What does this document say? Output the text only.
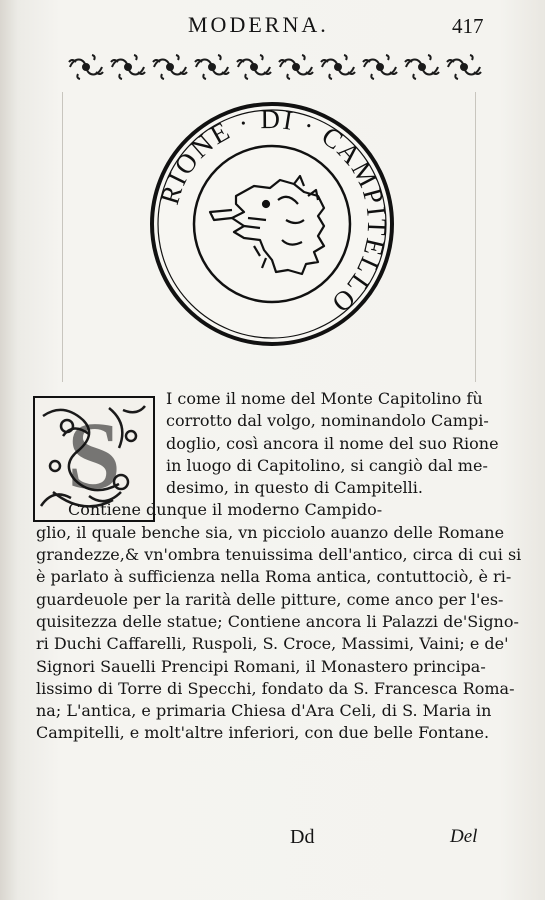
MODERNA.	417
RIONE · DI · CAMPITELLO
S
I come il nome del Monte Capitolino fù
corrotto dal volgo, nominandolo Campi-
doglio, così ancora il nome del suo Rione
in luogo di Capitolino, si cangiò dal me-
desimo, in questo di Campitelli.
Contiene dunque il moderno Campido-
glio, il quale benche sia, vn picciolo auanzo delle Romane
grandezze,& vn'ombra tenuissima dell'antico, circa di cui si
è parlato à sufficienza nella Roma antica, contuttociò, è ri-
guardeuole per la rarità delle pitture, come anco per l'es-
quisitezza delle statue; Contiene ancora li Palazzi de'Signo-
ri Duchi Caffarelli, Ruspoli, S. Croce, Massimi, Vaini; e de'
Signori Sauelli Prencipi Romani, il Monastero principa-
lissimo di Torre di Specchi, fondato da S. Francesca Roma-
na; L'antica, e primaria Chiesa d'Ara Celi, di S. Maria in
Campitelli, e molt'altre inferiori, con due belle Fontane.
Dd	Del
